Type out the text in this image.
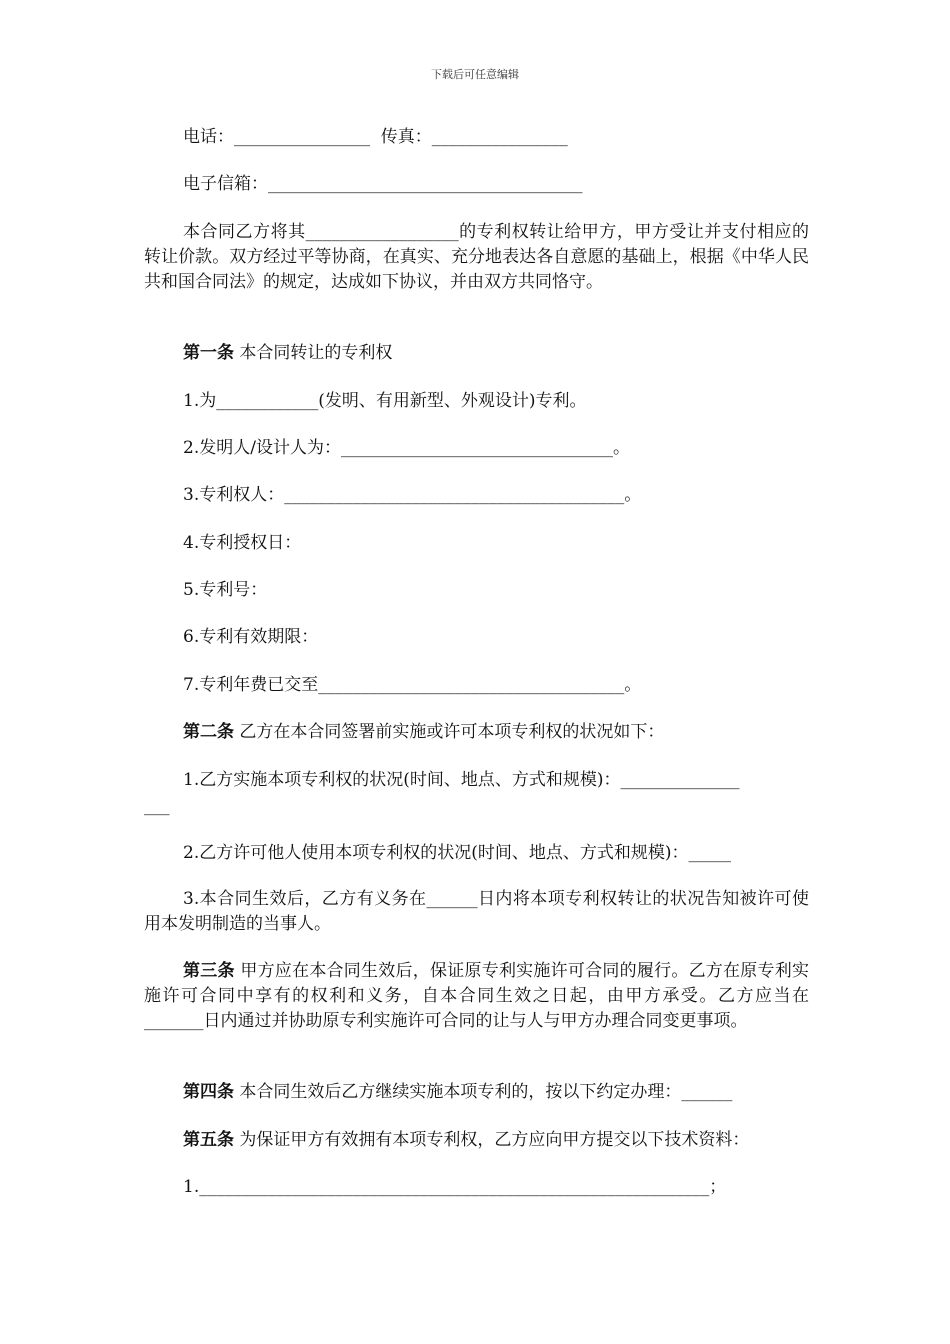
下载后可任意编辑
电话：________________  传真：________________
电子信箱：_____________________________________
本合同乙方将其__________________的专利权转让给甲方，甲方受让并支付相应的转让价款。双方经过平等协商，在真实、充分地表达各自意愿的基础上，根据《中华人民共和国合同法》的规定，达成如下协议，并由双方共同恪守。
第一条 本合同转让的专利权
1.为____________(发明、有用新型、外观设计)专利。
2.发明人/设计人为：________________________________。
3.专利权人：________________________________________。
4.专利授权日：
5.专利号：
6.专利有效期限：
7.专利年费已交至____________________________________。
第二条 乙方在本合同签署前实施或许可本项专利权的状况如下：
1.乙方实施本项专利权的状况(时间、地点、方式和规模)：______________
___
2.乙方许可他人使用本项专利权的状况(时间、地点、方式和规模)：_____
3.本合同生效后，乙方有义务在______日内将本项专利权转让的状况告知被许可使用本发明制造的当事人。
第三条 甲方应在本合同生效后，保证原专利实施许可合同的履行。乙方在原专利实施许可合同中享有的权利和义务，自本合同生效之日起，由甲方承受。乙方应当在_______日内通过并协助原专利实施许可合同的让与人与甲方办理合同变更事项。
第四条 本合同生效后乙方继续实施本项专利的，按以下约定办理：______
第五条 为保证甲方有效拥有本项专利权，乙方应向甲方提交以下技术资料：
1.____________________________________________________________；
